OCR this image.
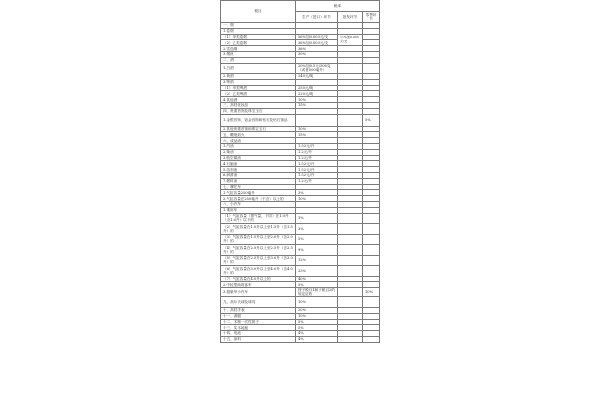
税目	税率		
	生产（进口）环节	批发环节	零售环节
一、烟			
1.卷烟			
（1）甲类卷烟	56%加0.003元/支	11%加0.005元/支	
（2）乙类卷烟	36%加0.003元/支		
2.雪茄烟	36%		
3.烟丝	30%		
二、酒			
1.白酒	20%加0.5元/500克（或者500毫升）		
2.黄酒	240元/吨		
3.啤酒			
（1）甲类啤酒	250元/吨		
（2）乙类啤酒	220元/吨		
4.其他酒	10%		
三、高档化妆品	15%		
四、贵重首饰及珠宝玉石			
1.金银首饰、铂金首饰和钻石及钻石饰品			5%
2.其他贵重首饰和珠宝玉石	10%		
五、鞭炮焰火	15%		
六、成品油			
1.汽油	1.52元/升		
2.柴油	1.2元/升		
3.航空煤油	1.2元/升		
4.石脑油	1.52元/升		
5.溶剂油	1.52元/升		
6.润滑油	1.52元/升		
7.燃料油	1.2元/升		
七、摩托车			
1.气缸容量250毫升	3%		
2.气缸容量在250毫升（不含）以上的	10%		
八、小汽车			
1.乘用车			
（1）气缸容量（排气量，下同）在1.0升（含1.0升）以下的	1%		
（2）气缸容量在1.0升以上至1.5升（含1.5升）的	3%		
（3）气缸容量在1.5升以上至2.0升（含2.0升）的	5%		
（4）气缸容量在2.0升以上至2.5升（含2.5升）的	9%		
（5）气缸容量在2.5升以上至3.0升（含3.0升）的	12%		
（6）气缸容量在3.0升以上至4.0升（含4.0升）的	25%		
（7）气缸容量在4.0升以上的	40%		
2.中轻型商用客车	5%		
3.超豪华小汽车	按子税目1和子税目2的规定征收		10%
九、高尔夫球及球具	10%		
十、高档手表	20%		
十一、游艇	10%		
十二、木制一次性筷子	5%		
十三、实木地板	5%		
十四、电池	4%		
十五、涂料	4%		
